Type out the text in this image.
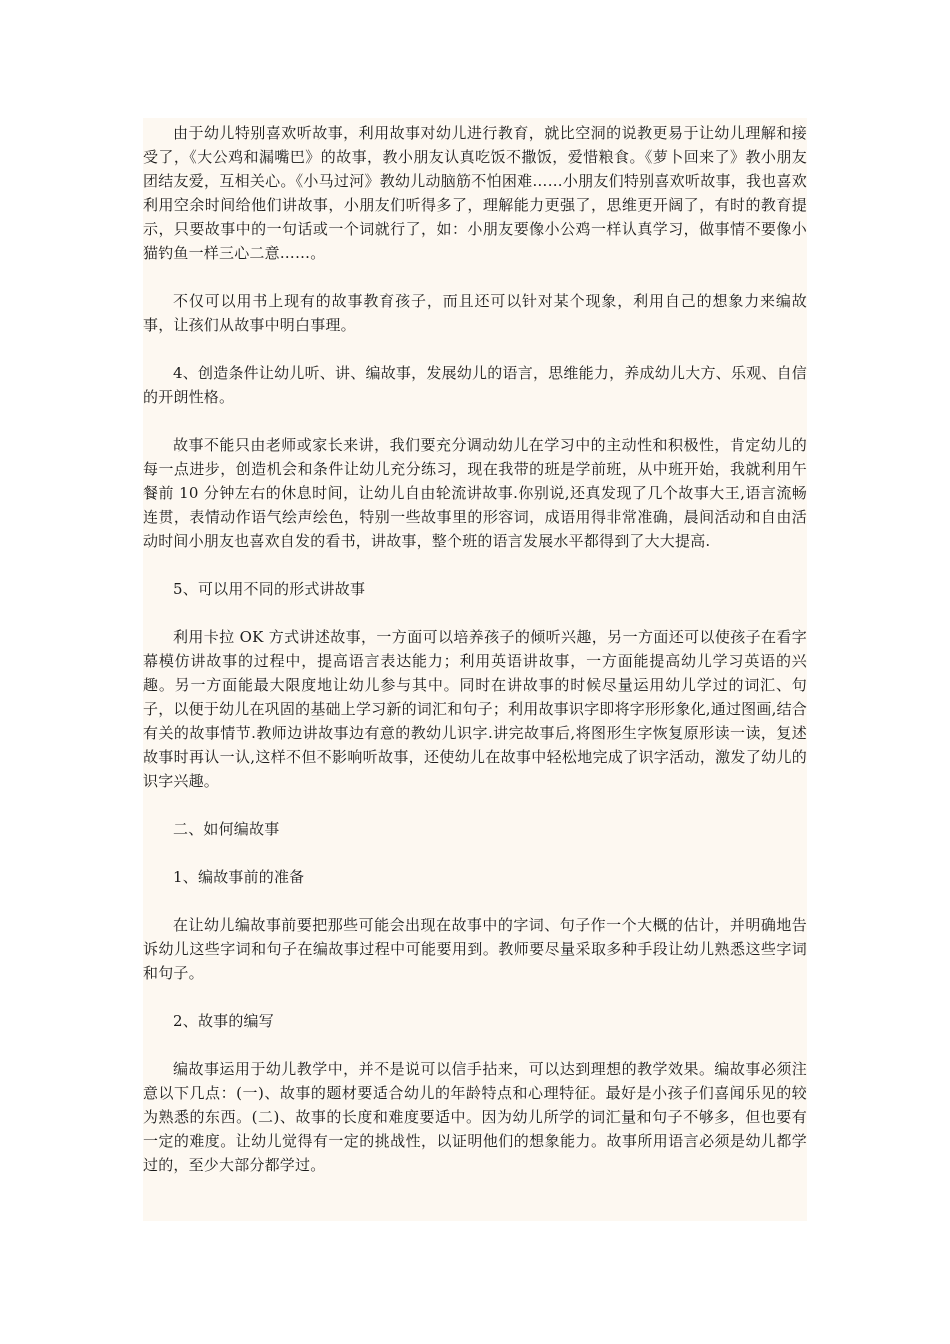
由于幼儿特别喜欢听故事，利用故事对幼儿进行教育，就比空洞的说教更易于让幼儿理解和接受了，《大公鸡和漏嘴巴》的故事，教小朋友认真吃饭不撒饭，爱惜粮食。《萝卜回来了》教小朋友团结友爱，互相关心。《小马过河》教幼儿动脑筋不怕困难……小朋友们特别喜欢听故事，我也喜欢利用空余时间给他们讲故事，小朋友们听得多了，理解能力更强了，思维更开阔了，有时的教育提示，只要故事中的一句话或一个词就行了，如：小朋友要像小公鸡一样认真学习，做事情不要像小猫钓鱼一样三心二意……。

不仅可以用书上现有的故事教育孩子，而且还可以针对某个现象，利用自己的想象力来编故事，让孩们从故事中明白事理。

4、创造条件让幼儿听、讲、编故事，发展幼儿的语言，思维能力，养成幼儿大方、乐观、自信的开朗性格。

故事不能只由老师或家长来讲，我们要充分调动幼儿在学习中的主动性和积极性，肯定幼儿的每一点进步，创造机会和条件让幼儿充分练习，现在我带的班是学前班，从中班开始，我就利用午餐前 10 分钟左右的休息时间，让幼儿自由轮流讲故事.你别说,还真发现了几个故事大王,语言流畅连贯，表情动作语气绘声绘色，特别一些故事里的形容词，成语用得非常准确，晨间活动和自由活动时间小朋友也喜欢自发的看书，讲故事，整个班的语言发展水平都得到了大大提高.

5、可以用不同的形式讲故事

利用卡拉 OK 方式讲述故事，一方面可以培养孩子的倾听兴趣，另一方面还可以使孩子在看字幕模仿讲故事的过程中，提高语言表达能力；利用英语讲故事，一方面能提高幼儿学习英语的兴趣。另一方面能最大限度地让幼儿参与其中。同时在讲故事的时候尽量运用幼儿学过的词汇、句子，以便于幼儿在巩固的基础上学习新的词汇和句子；利用故事识字即将字形形象化,通过图画,结合有关的故事情节.教师边讲故事边有意的教幼儿识字.讲完故事后,将图形生字恢复原形读一读，复述故事时再认一认,这样不但不影响听故事，还使幼儿在故事中轻松地完成了识字活动，激发了幼儿的识字兴趣。

二、如何编故事

1、编故事前的准备

在让幼儿编故事前要把那些可能会出现在故事中的字词、句子作一个大概的估计，并明确地告诉幼儿这些字词和句子在编故事过程中可能要用到。教师要尽量采取多种手段让幼儿熟悉这些字词和句子。

2、故事的编写

编故事运用于幼儿教学中，并不是说可以信手拈来，可以达到理想的教学效果。编故事必须注意以下几点：(一)、故事的题材要适合幼儿的年龄特点和心理特征。最好是小孩子们喜闻乐见的较为熟悉的东西。(二)、故事的长度和难度要适中。因为幼儿所学的词汇量和句子不够多，但也要有一定的难度。让幼儿觉得有一定的挑战性，以证明他们的想象能力。故事所用语言必须是幼儿都学过的，至少大部分都学过。
